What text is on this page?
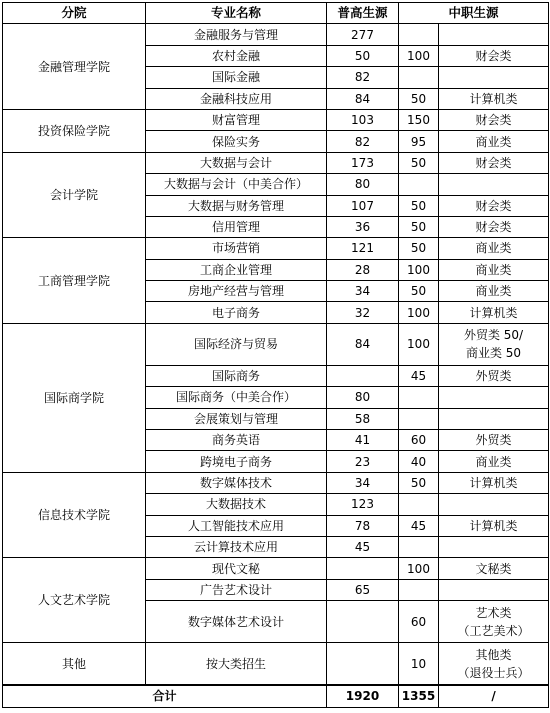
分院	专业名称	普高生源	中职生源	
金融管理学院	金融服务与管理	277		
	农村金融	50	100	财会类
	国际金融	82		
	金融科技应用	84	50	计算机类
投资保险学院	财富管理	103	150	财会类
	保险实务	82	95	商业类
会计学院	大数据与会计	173	50	财会类
	大数据与会计（中美合作）	80		
	大数据与财务管理	107	50	财会类
	信用管理	36	50	财会类
工商管理学院	市场营销	121	50	商业类
	工商企业管理	28	100	商业类
	房地产经营与管理	34	50	商业类
	电子商务	32	100	计算机类
国际商学院	国际经济与贸易	84	100	外贸类 50/
商业类 50

	国际商务		45	外贸类
	国际商务（中美合作）	80		
	会展策划与管理	58		
	商务英语	41	60	外贸类
	跨境电子商务	23	40	商业类
信息技术学院	数字媒体技术	34	50	计算机类
	大数据技术	123		
	人工智能技术应用	78	45	计算机类
	云计算技术应用	45		
人文艺术学院	现代文秘		100	文秘类
	广告艺术设计	65		
	数字媒体艺术设计		60	艺术类
（工艺美术）

其他	按大类招生		10	其他类
（退役士兵）

合计		1920	1355	/
